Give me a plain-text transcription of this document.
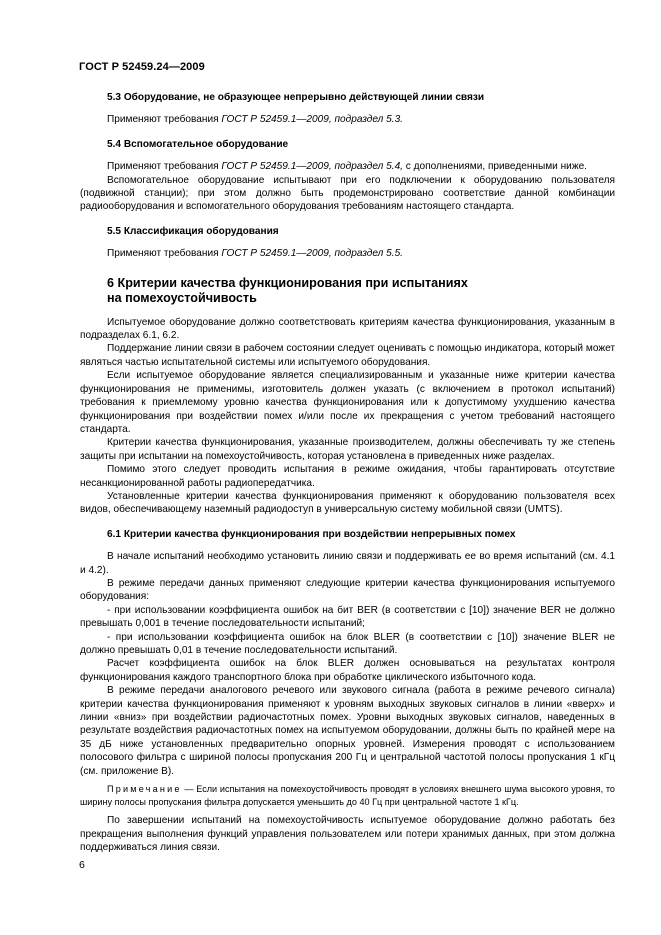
ГОСТ Р 52459.24—2009
5.3 Оборудование, не образующее непрерывно действующей линии связи

Применяют требования ГОСТ Р 52459.1—2009, подраздел 5.3.

5.4 Вспомогательное оборудование

Применяют требования ГОСТ Р 52459.1—2009, подраздел 5.4, с дополнениями, приведенными ниже.

Вспомогательное оборудование испытывают при его подключении к оборудованию пользователя (подвижной станции); при этом должно быть продемонстрировано соответствие данной комбинации радиооборудования и вспомогательного оборудования требованиям настоящего стандарта.

5.5 Классификация оборудования

Применяют требования ГОСТ Р 52459.1—2009, подраздел 5.5.

6 Критерии качества функционирования при испытаниях
на помехоустойчивость

Испытуемое оборудование должно соответствовать критериям качества функционирования, указанным в подразделах 6.1, 6.2.

Поддержание линии связи в рабочем состоянии следует оценивать с помощью индикатора, который может являться частью испытательной системы или испытуемого оборудования.

Если испытуемое оборудование является специализированным и указанные ниже критерии качества функционирования не применимы, изготовитель должен указать (с включением в протокол испытаний) требования к приемлемому уровню качества функционирования или к допустимому ухудшению качества функционирования при воздействии помех и/или после их прекращения с учетом требований настоящего стандарта.

Критерии качества функционирования, указанные производителем, должны обеспечивать ту же степень защиты при испытании на помехоустойчивость, которая установлена в приведенных ниже разделах.

Помимо этого следует проводить испытания в режиме ожидания, чтобы гарантировать отсутствие несанкционированной работы радиопередатчика.

Установленные критерии качества функционирования применяют к оборудованию пользователя всех видов, обеспечивающему наземный радиодоступ в универсальную систему мобильной связи (UMTS).

6.1 Критерии качества функционирования при воздействии непрерывных помех

В начале испытаний необходимо установить линию связи и поддерживать ее во время испытаний (см. 4.1 и 4.2).

В режиме передачи данных применяют следующие критерии качества функционирования испытуемого оборудования:

- при использовании коэффициента ошибок на бит BER (в соответствии с [10]) значение BER не должно превышать 0,001 в течение последовательности испытаний;

- при использовании коэффициента ошибок на блок BLER (в соответствии с [10]) значение BLER не должно превышать 0,01 в течение последовательности испытаний.

Расчет коэффициента ошибок на блок BLER должен основываться на результатах контроля функционирования каждого транспортного блока при обработке циклического избыточного кода.

В режиме передачи аналогового речевого или звукового сигнала (работа в режиме речевого сигнала) критерии качества функционирования применяют к уровням выходных звуковых сигналов в линии «вверх» и линии «вниз» при воздействии радиочастотных помех. Уровни выходных звуковых сигналов, наведенных в результате воздействия радиочастотных помех на испытуемом оборудовании, должны быть по крайней мере на 35 дБ ниже установленных предварительно опорных уровней. Измерения проводят с использованием полосового фильтра с шириной полосы пропускания 200 Гц и центральной частотой полосы пропускания 1 кГц (см. приложение В).

Примечание — Если испытания на помехоустойчивость проводят в условиях внешнего шума высокого уровня, то ширину полосы пропускания фильтра допускается уменьшить до 40 Гц при центральной частоте 1 кГц.

По завершении испытаний на помехоустойчивость испытуемое оборудование должно работать без прекращения выполнения функций управления пользователем или потери хранимых данных, при этом должна поддерживаться линия связи.

6
